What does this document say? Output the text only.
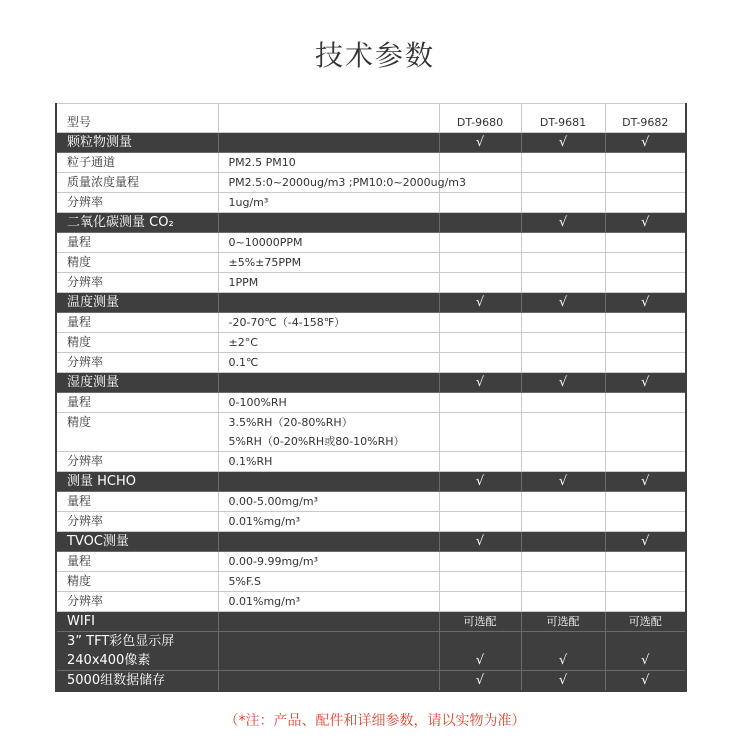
技术参数
型号		DT-9680	DT-9681	DT-9682
颗粒物测量		√	√	√
粒子通道	PM2.5 PM10			
质量浓度量程	PM2.5:0~2000ug/m3 ;PM10:0~2000ug/m3			
分辨率	1ug/m³			
二氧化碳测量 CO₂			√	√
量程	0~10000PPM			
精度	±5%±75PPM			
分辨率	1PPM			
温度测量		√	√	√
量程	-20-70℃（-4-158℉）			
精度	±2°C			
分辨率	0.1℃			
湿度测量		√	√	√
量程	0-100%RH			
精度	3.5%RH（20-80%RH）
5%RH（0-20%RH或80-10%RH）			

分辨率	0.1%RH			
测量 HCHO		√	√	√
量程	0.00-5.00mg/m³			
分辨率	0.01%mg/m³			
TVOC测量		√		√
量程	0.00-9.99mg/m³			
精度	5%F.S			
分辨率	0.01%mg/m³			
WIFI		可选配	可选配	可选配

3” TFT彩色显示屏
240x400像素		√	√	√
5000组数据储存		√	√	√
（*注：产品、配件和详细参数，请以实物为准）
